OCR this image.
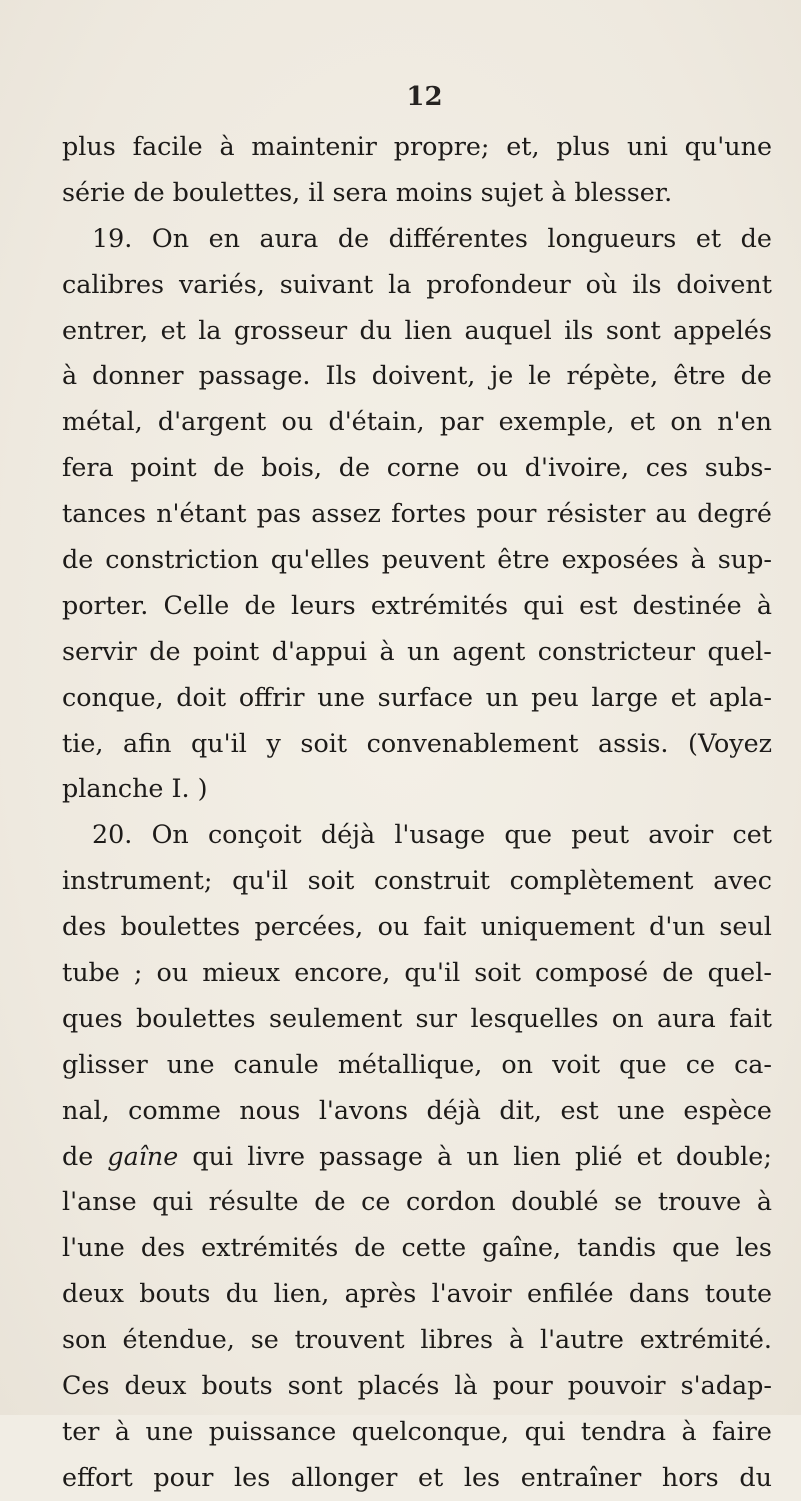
12
plus facile à maintenir propre; et, plus uni qu'une
série de boulettes, il sera moins sujet à blesser.
19. On en aura de différentes longueurs et de
calibres variés, suivant la profondeur où ils doivent
entrer, et la grosseur du lien auquel ils sont appelés
à donner passage. Ils doivent, je le répète, être de
métal, d'argent ou d'étain, par exemple, et on n'en
fera point de bois, de corne ou d'ivoire, ces subs-
tances n'étant pas assez fortes pour résister au degré
de constriction qu'elles peuvent être exposées à sup-
porter. Celle de leurs extrémités qui est destinée à
servir de point d'appui à un agent constricteur quel-
conque, doit offrir une surface un peu large et apla-
tie, afin qu'il y soit convenablement assis. (Voyez
planche I. )
20. On conçoit déjà l'usage que peut avoir cet
instrument; qu'il soit construit complètement avec
des boulettes percées, ou fait uniquement d'un seul
tube ; ou mieux encore, qu'il soit composé de quel-
ques boulettes seulement sur lesquelles on aura fait
glisser une canule métallique, on voit que ce ca-
nal, comme nous l'avons déjà dit, est une espèce
de gaîne qui livre passage à un lien plié et double;
l'anse qui résulte de ce cordon doublé se trouve à
l'une des extrémités de cette gaîne, tandis que les
deux bouts du lien, après l'avoir enfilée dans toute
son étendue, se trouvent libres à l'autre extrémité.
Ces deux bouts sont placés là pour pouvoir s'adap-
ter à une puissance quelconque, qui tendra à faire
effort pour les allonger et les entraîner hors du
